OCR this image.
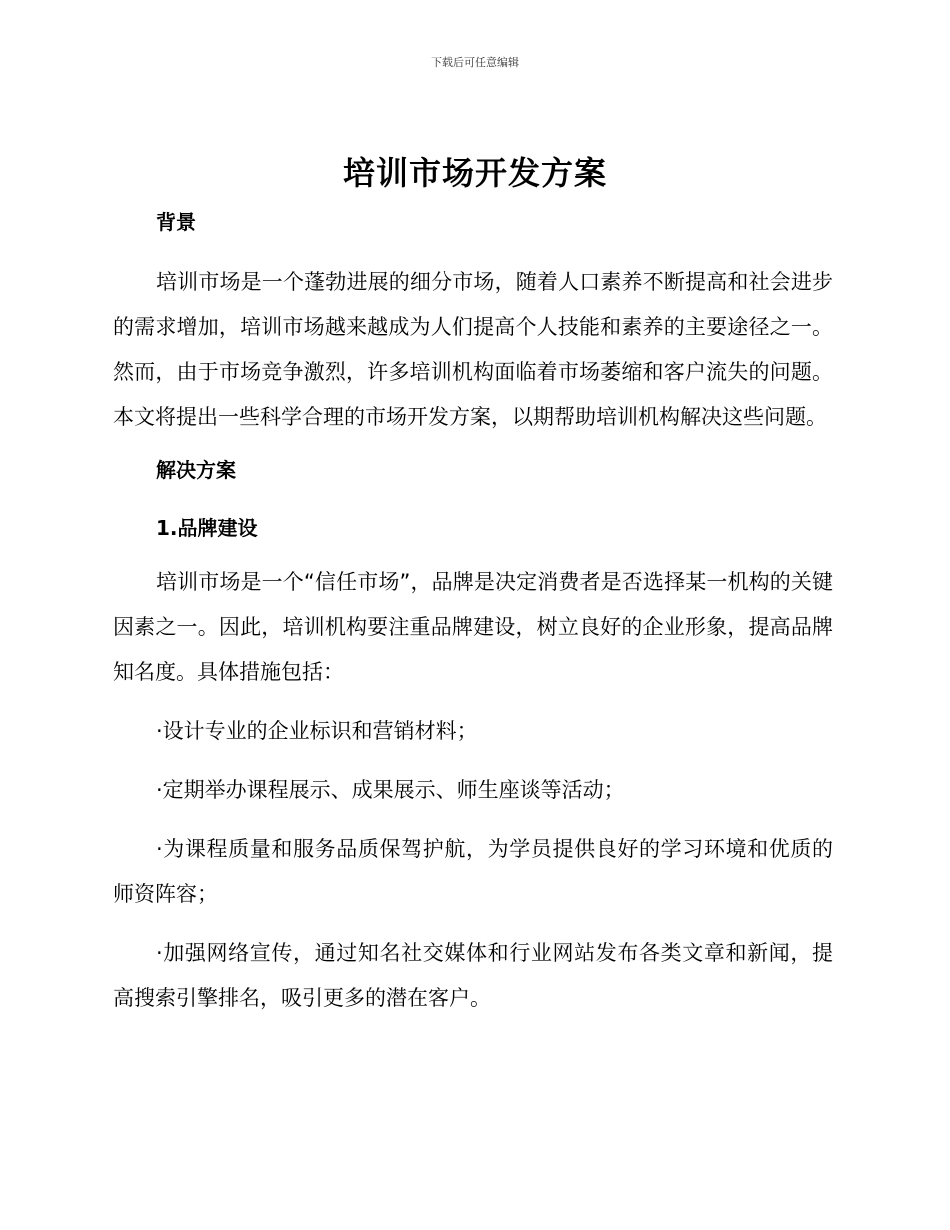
下载后可任意编辑
培训市场开发方案

背景

培训市场是一个蓬勃进展的细分市场，随着人口素养不断提高和社会进步的需求增加，培训市场越来越成为人们提高个人技能和素养的主要途径之一。然而，由于市场竞争激烈，许多培训机构面临着市场萎缩和客户流失的问题。本文将提出一些科学合理的市场开发方案，以期帮助培训机构解决这些问题。

解决方案

1.品牌建设

培训市场是一个“信任市场”，品牌是决定消费者是否选择某一机构的关键因素之一。因此，培训机构要注重品牌建设，树立良好的企业形象，提高品牌知名度。具体措施包括：

·设计专业的企业标识和营销材料；

·定期举办课程展示、成果展示、师生座谈等活动；

·为课程质量和服务品质保驾护航，为学员提供良好的学习环境和优质的师资阵容；

·加强网络宣传，通过知名社交媒体和行业网站发布各类文章和新闻，提高搜索引擎排名，吸引更多的潜在客户。
